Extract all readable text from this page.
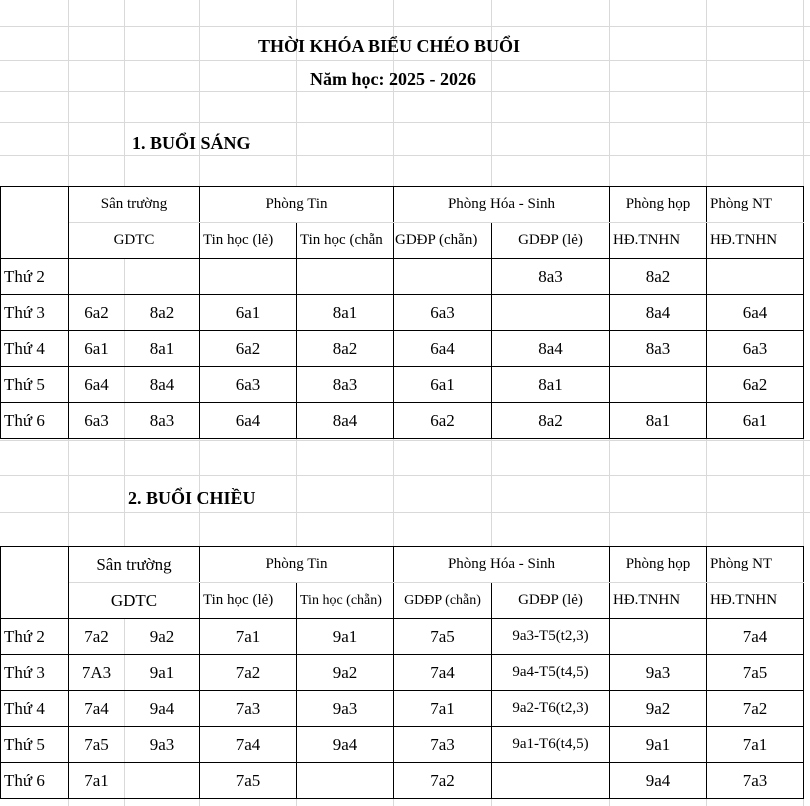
THỜI KHÓA BIỂU CHÉO BUỔI
Năm học: 2025 - 2026
1. BUỔI SÁNG
	Sân trường		Phòng Tin		Phòng Hóa - Sinh		Phòng họp	Phòng NT
	GDTC		Tin học (lẻ)	Tin học (chẵn	GDĐP (chẵn)	GDĐP (lẻ)	HĐ.TNHN	HĐ.TNHN
Thứ 2						8a3	8a2	
Thứ 3	6a2	8a2	6a1	8a1	6a3		8a4	6a4
Thứ 4	6a1	8a1	6a2	8a2	6a4	8a4	8a3	6a3
Thứ 5	6a4	8a4	6a3	8a3	6a1	8a1		6a2
Thứ 6	6a3	8a3	6a4	8a4	6a2	8a2	8a1	6a1
2. BUỔI CHIỀU
	Sân trường		Phòng Tin		Phòng Hóa - Sinh		Phòng họp	Phòng NT
	GDTC		Tin học (lẻ)	Tin học (chẵn)	GDĐP (chẵn)	GDĐP (lẻ)	HĐ.TNHN	HĐ.TNHN
Thứ 2	7a2	9a2	7a1	9a1	7a5	9a3-T5(t2,3)		7a4
Thứ 3	7A3	9a1	7a2	9a2	7a4	9a4-T5(t4,5)	9a3	7a5
Thứ 4	7a4	9a4	7a3	9a3	7a1	9a2-T6(t2,3)	9a2	7a2
Thứ 5	7a5	9a3	7a4	9a4	7a3	9a1-T6(t4,5)	9a1	7a1
Thứ 6	7a1		7a5		7a2		9a4	7a3
